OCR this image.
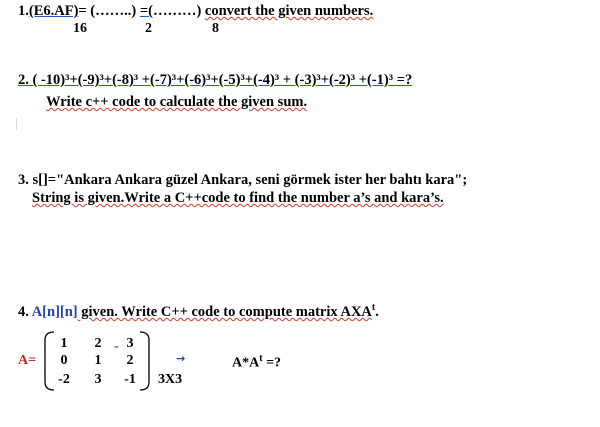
1.(E6.AF)= (……..) =(………) convert the given numbers.
16	2	8
2. ( -10)³+(-9)³+(-8)³ +(-7)³+(-6)³+(-5)³+(-4)³ + (-3)³+(-2)³ +(-1)³ =?
Write c++ code to calculate the given sum.
3. s[]="Ankara Ankara güzel Ankara, seni görmek ister her bahtı kara";
String is given.Write a C++code to find the number a’s and kara’s.
4. A[n][n] given. Write C++ code to compute matrix AXA$^t$.
A=
1	2 - 3
0	1	2
-2	3	-1 3X3
→	$A*A^t$ =?
